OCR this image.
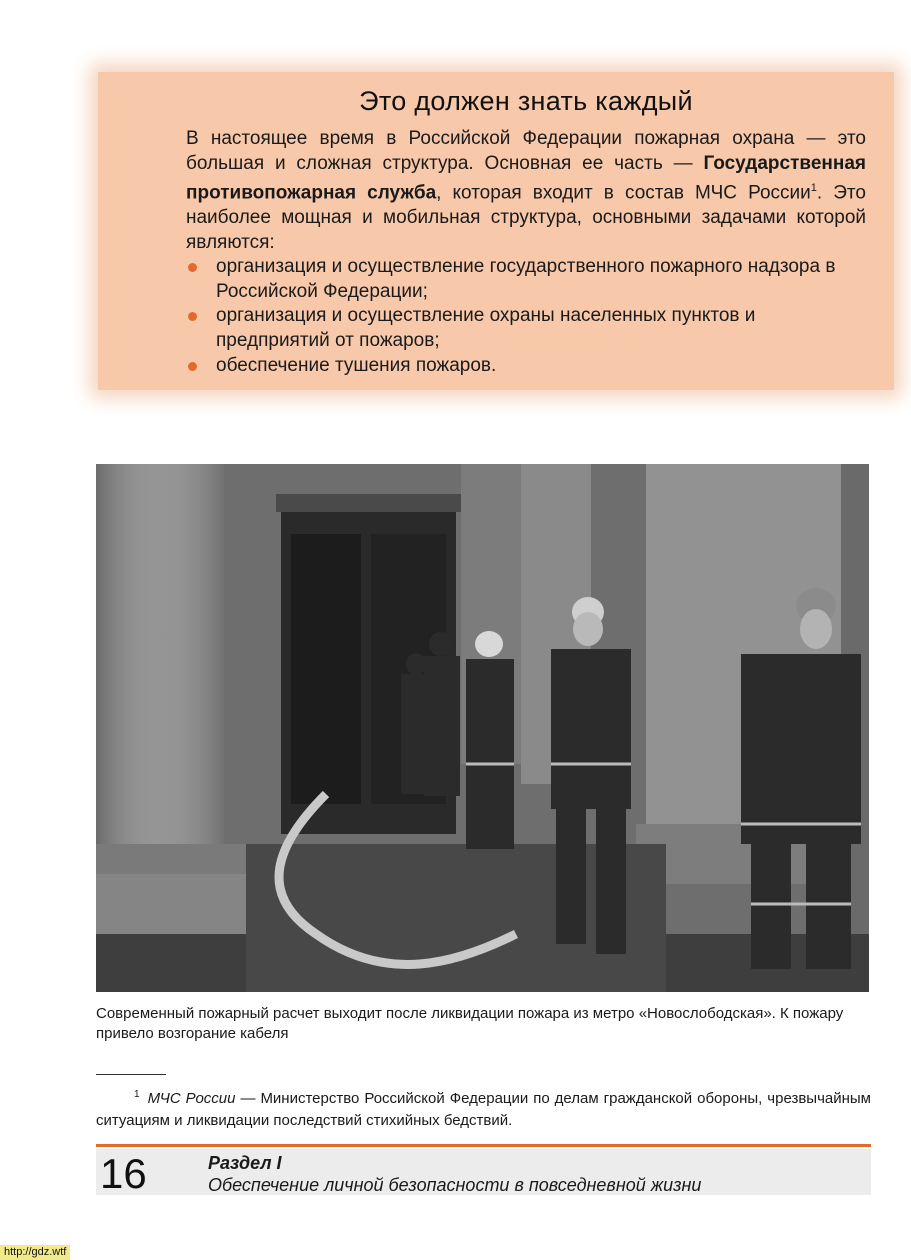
Это должен знать каждый

В настоящее время в Российской Федерации пожарная охрана — это большая и сложная структура. Основная ее часть — Государственная противопожарная служба, которая входит в состав МЧС России$^1$. Это наиболее мощная и мобильная структура, основными задачами которой являются:

организация и осуществление государственного пожарного надзора в Российской Федерации;
организация и осуществление охраны населенных пунктов и предприятий от пожаров;
обеспечение тушения пожаров.

Современный пожарный расчет выходит после ликвидации пожара из метро «Новослободская». К пожару привело возгорание кабеля

$^1$ МЧС России — Министерство Российской Федерации по делам гражданской обороны, чрезвычайным ситуациям и ликвидации последствий стихийных бедствий.

16	Раздел I
Обеспечение личной безопасности в повседневной жизни
http://gdz.wtf
